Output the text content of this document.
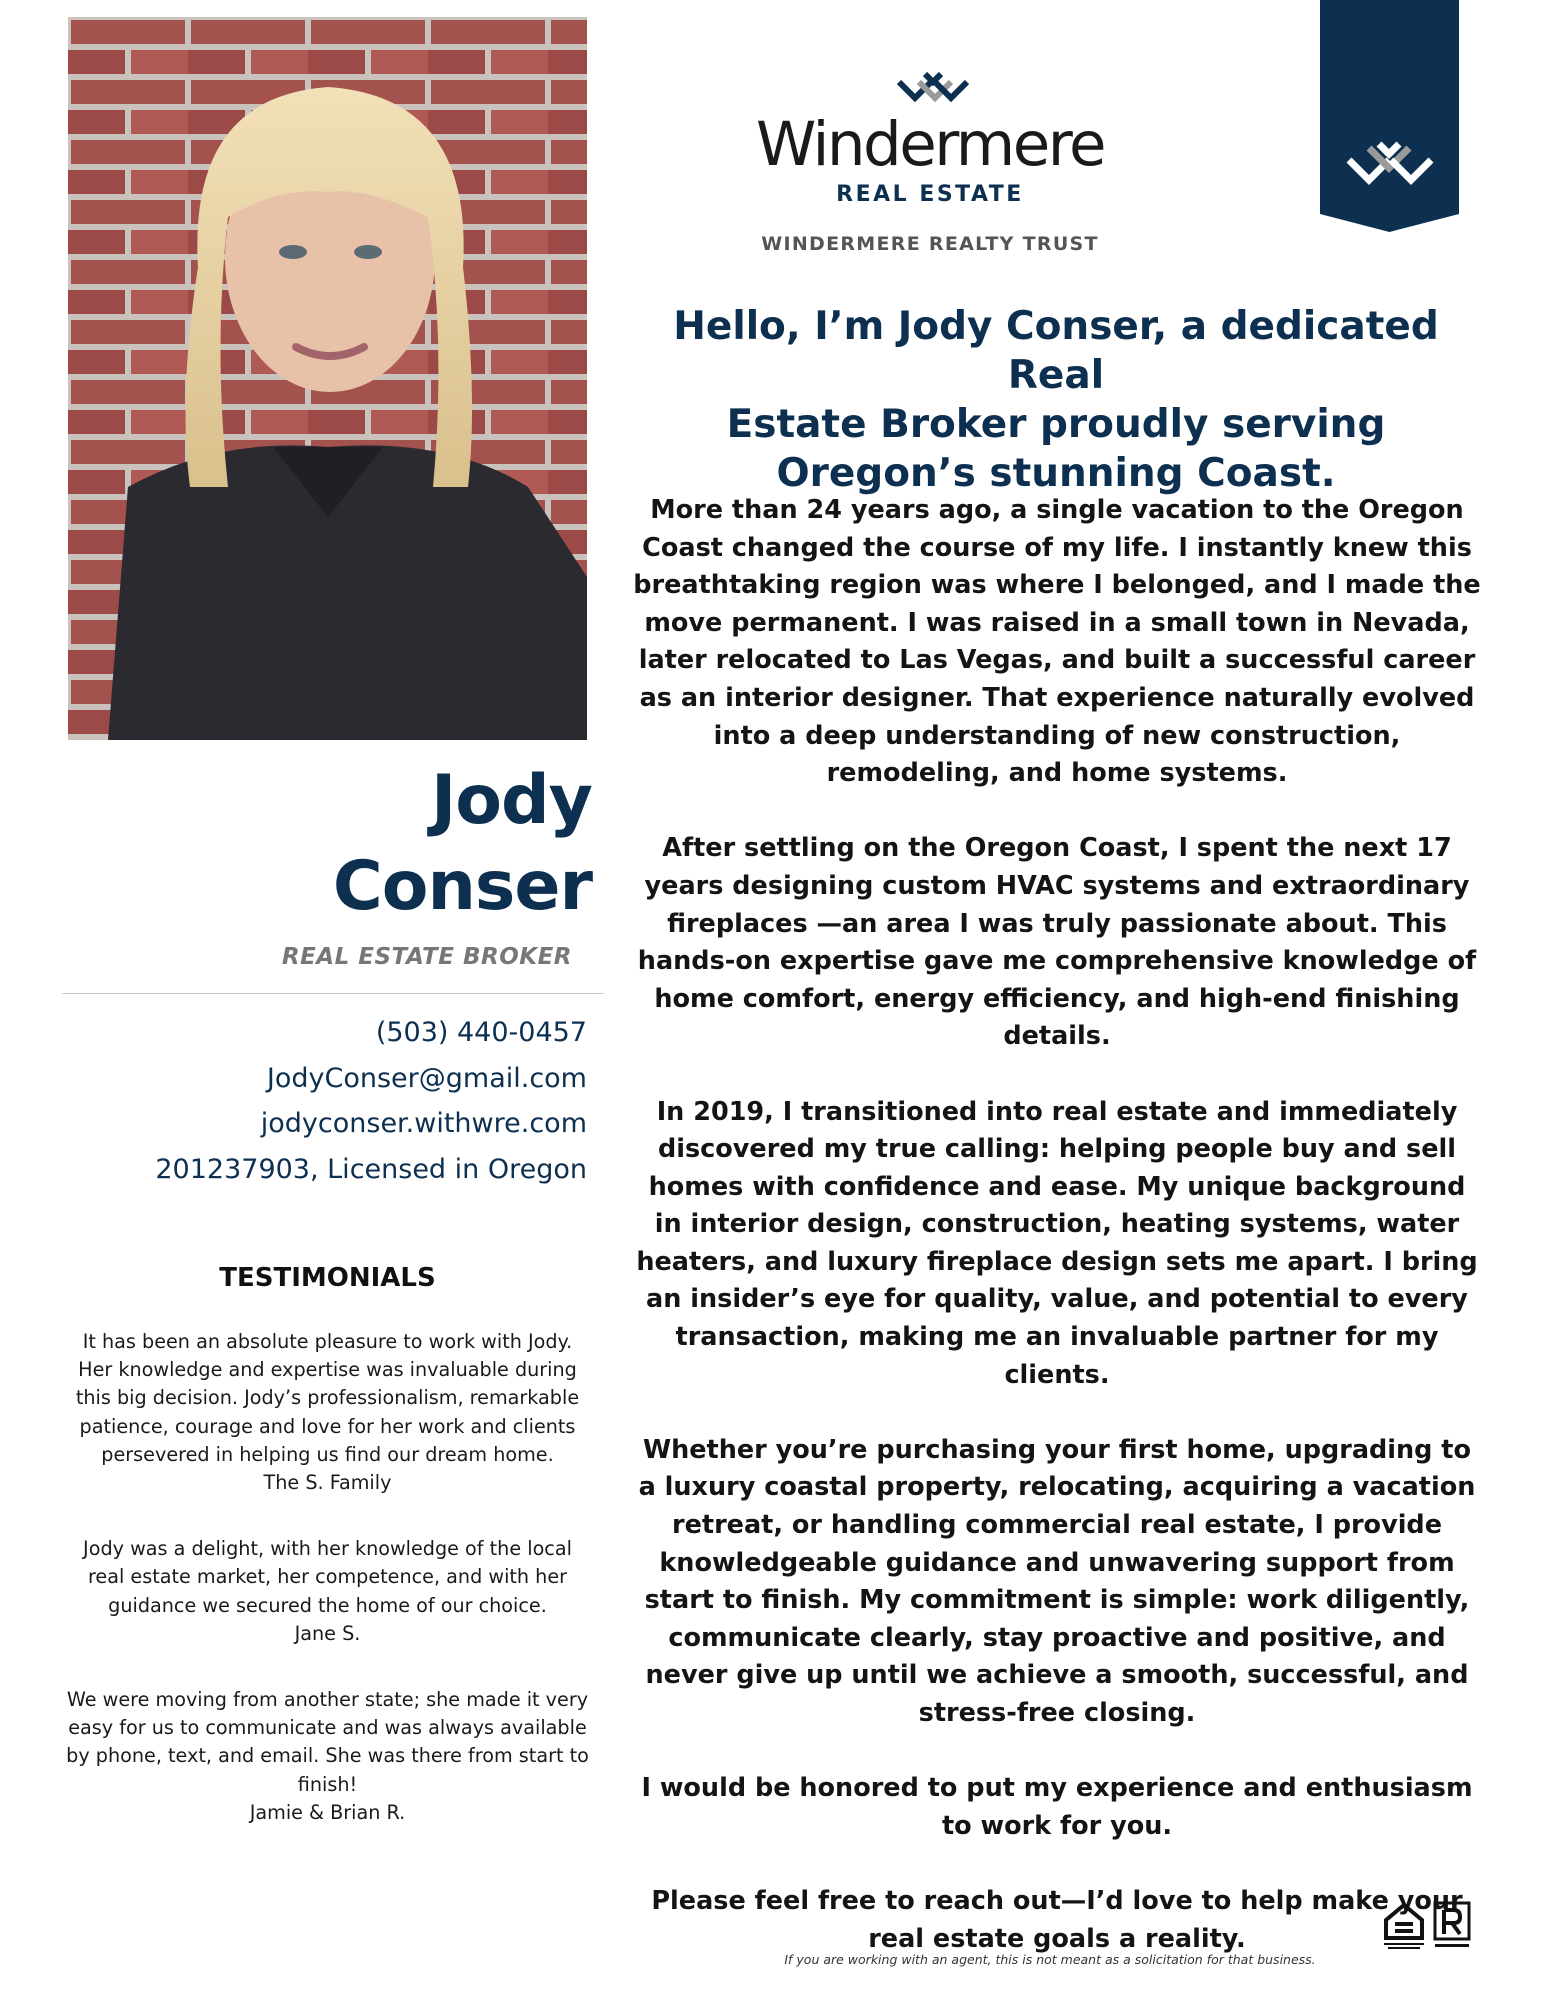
Jody
Conser
REAL ESTATE BROKER
(503) 440-0457
JodyConser@gmail.com
jodyconser.withwre.com
201237903, Licensed in Oregon
TESTIMONIALS
It has been an absolute pleasure to work with Jody. Her knowledge and expertise was invaluable during this big decision. Jody’s professionalism, remarkable patience, courage and love for her work and clients persevered in helping us find our dream home.
The S. Family
Jody was a delight, with her knowledge of the local real estate market, her competence, and with her guidance we secured the home of our choice.
Jane S.
We were moving from another state; she made it very easy for us to communicate and was always available by phone, text, and email. She was there from start to finish!
Jamie & Brian R.
Windermere
REAL ESTATE
WINDERMERE REALTY TRUST
Hello, I’m Jody Conser, a dedicated Real
Estate Broker proudly serving
Oregon’s stunning Coast.

More than 24 years ago, a single vacation to the Oregon Coast changed the course of my life. I instantly knew this breathtaking region was where I belonged, and I made the move permanent. I was raised in a small town in Nevada, later relocated to Las Vegas, and built a successful career as an interior designer. That experience naturally evolved into a deep understanding of new construction, remodeling, and home systems.

After settling on the Oregon Coast, I spent the next 17 years designing custom HVAC systems and extraordinary fireplaces —an area I was truly passionate about. This hands-on expertise gave me comprehensive knowledge of home comfort, energy efficiency, and high-end finishing details.

In 2019, I transitioned into real estate and immediately discovered my true calling: helping people buy and sell homes with confidence and ease. My unique background in interior design, construction, heating systems, water heaters, and luxury fireplace design sets me apart. I bring an insider’s eye for quality, value, and potential to every transaction, making me an invaluable partner for my clients.

Whether you’re purchasing your first home, upgrading to a luxury coastal property, relocating, acquiring a vacation retreat, or handling commercial real estate, I provide knowledgeable guidance and unwavering support from start to finish. My commitment is simple: work diligently, communicate clearly, stay proactive and positive, and never give up until we achieve a smooth, successful, and stress-free closing.

I would be honored to put my experience and enthusiasm to work for you.

Please feel free to reach out—I’d love to help make your real estate goals a reality.

If you are working with an agent, this is not meant as a solicitation for that business.
